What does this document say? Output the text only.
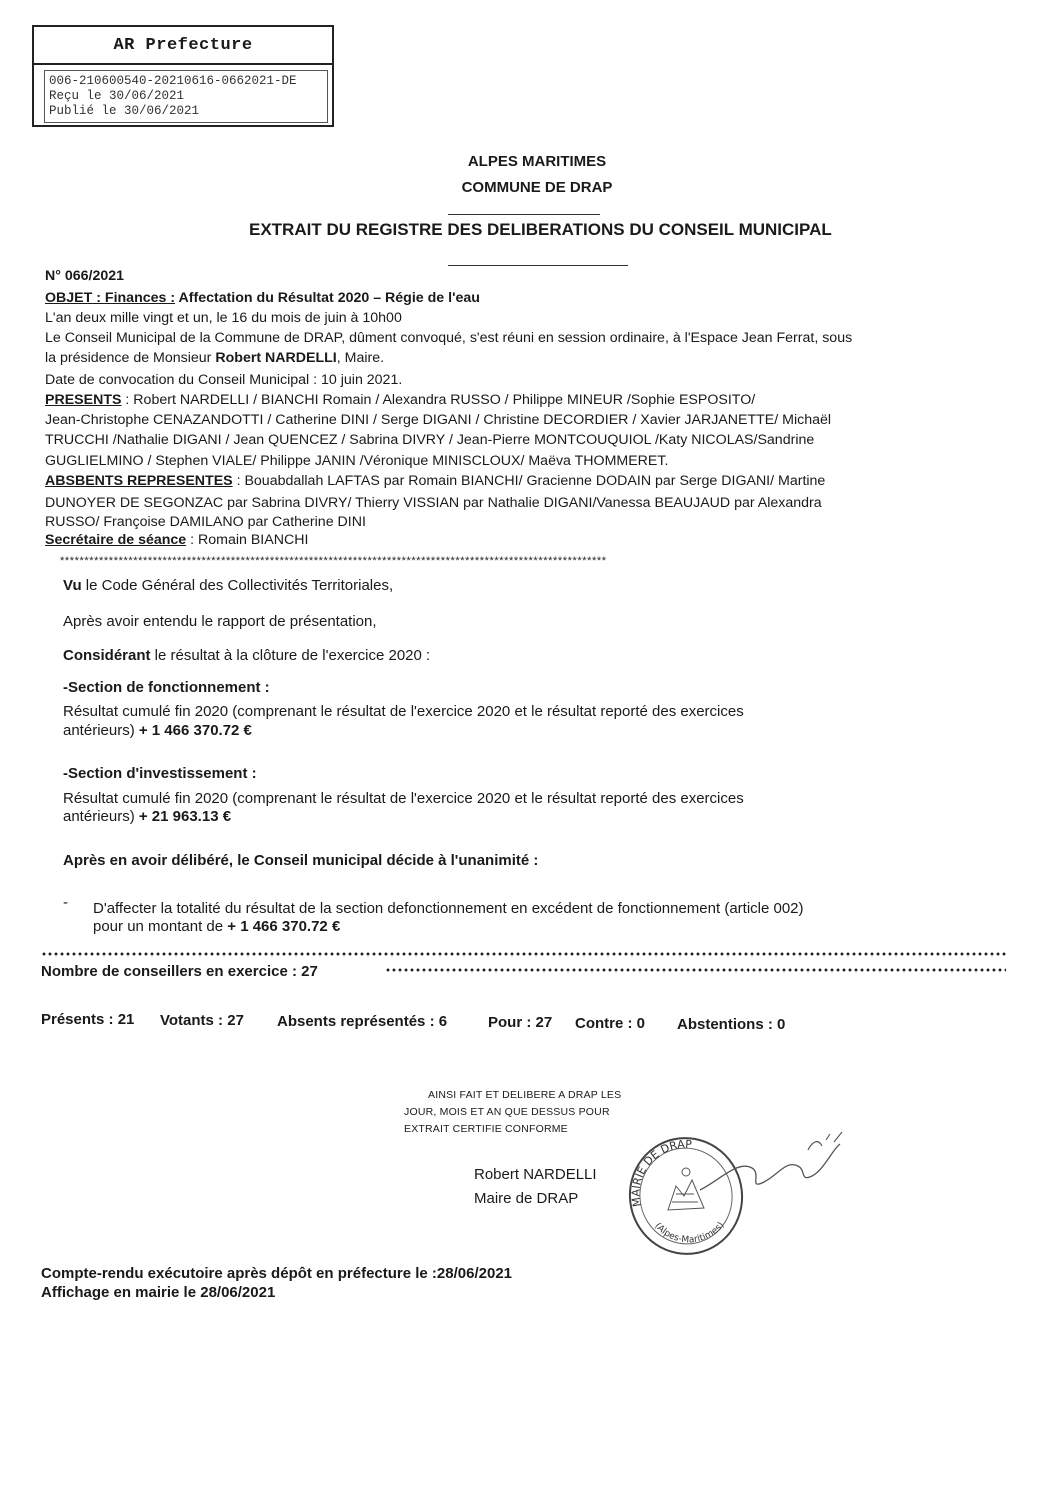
AR Prefecture
006-210600540-20210616-0662021-DE
Reçu le 30/06/2021
Publié le 30/06/2021
ALPES MARITIMES
COMMUNE DE DRAP
EXTRAIT DU REGISTRE DES DELIBERATIONS DU CONSEIL MUNICIPAL
N° 066/2021
OBJET : Finances : Affectation du Résultat 2020 – Régie de l'eau
L'an deux mille vingt et un, le 16 du mois de juin à 10h00
Le Conseil Municipal de la Commune de DRAP, dûment convoqué, s'est réuni en session ordinaire, à l'Espace Jean Ferrat, sous
la présidence de Monsieur Robert NARDELLI, Maire.
Date de convocation du Conseil Municipal : 10 juin 2021.
PRESENTS : Robert NARDELLI / BIANCHI Romain / Alexandra RUSSO / Philippe MINEUR /Sophie ESPOSITO/
Jean-Christophe CENAZANDOTTI / Catherine DINI / Serge DIGANI / Christine DECORDIER / Xavier JARJANETTE/ Michaël
TRUCCHI /Nathalie DIGANI / Jean QUENCEZ / Sabrina DIVRY / Jean-Pierre MONTCOUQUIOL /Katy NICOLAS/Sandrine
GUGLIELMINO / Stephen VIALE/ Philippe JANIN /Véronique MINISCLOUX/ Maëva THOMMERET.
ABSBENTS REPRESENTES : Bouabdallah LAFTAS par Romain BIANCHI/ Gracienne DODAIN par Serge DIGANI/ Martine
DUNOYER DE SEGONZAC par Sabrina DIVRY/ Thierry VISSIAN par Nathalie DIGANI/Vanessa BEAUJAUD par Alexandra
RUSSO/ Françoise DAMILANO par Catherine DINI
Secrétaire de séance : Romain BIANCHI
****************************************************************************************************************
Vu le Code Général des Collectivités Territoriales,
Après avoir entendu le rapport de présentation,
Considérant le résultat à la clôture de l'exercice 2020 :
-Section de fonctionnement :
Résultat cumulé fin 2020 (comprenant le résultat de l'exercice 2020 et le résultat reporté des exercices
antérieurs) + 1 466 370.72 €
-Section d'investissement :
Résultat cumulé fin 2020 (comprenant le résultat de l'exercice 2020 et le résultat reporté des exercices
antérieurs) + 21 963.13 €
Après en avoir délibéré, le Conseil municipal décide à l'unanimité :
- D'affecter la totalité du résultat de la section defonctionnement en excédent de fonctionnement (article 002)
pour un montant de + 1 466 370.72 €
Nombre de conseillers en exercice : 27
Présents : 21 Votants : 27 Absents représentés : 6	Pour : 27 Contre : 0 Abstentions : 0
AINSI FAIT ET DELIBERE A DRAP LES
JOUR, MOIS ET AN QUE DESSUS POUR
EXTRAIT CERTIFIE CONFORME
Robert NARDELLI
Maire de DRAP	MAIRIE DE DRAP
(Alpes-Maritimes)
Compte-rendu exécutoire après dépôt en préfecture le :28/06/2021
Affichage en mairie le 28/06/2021
